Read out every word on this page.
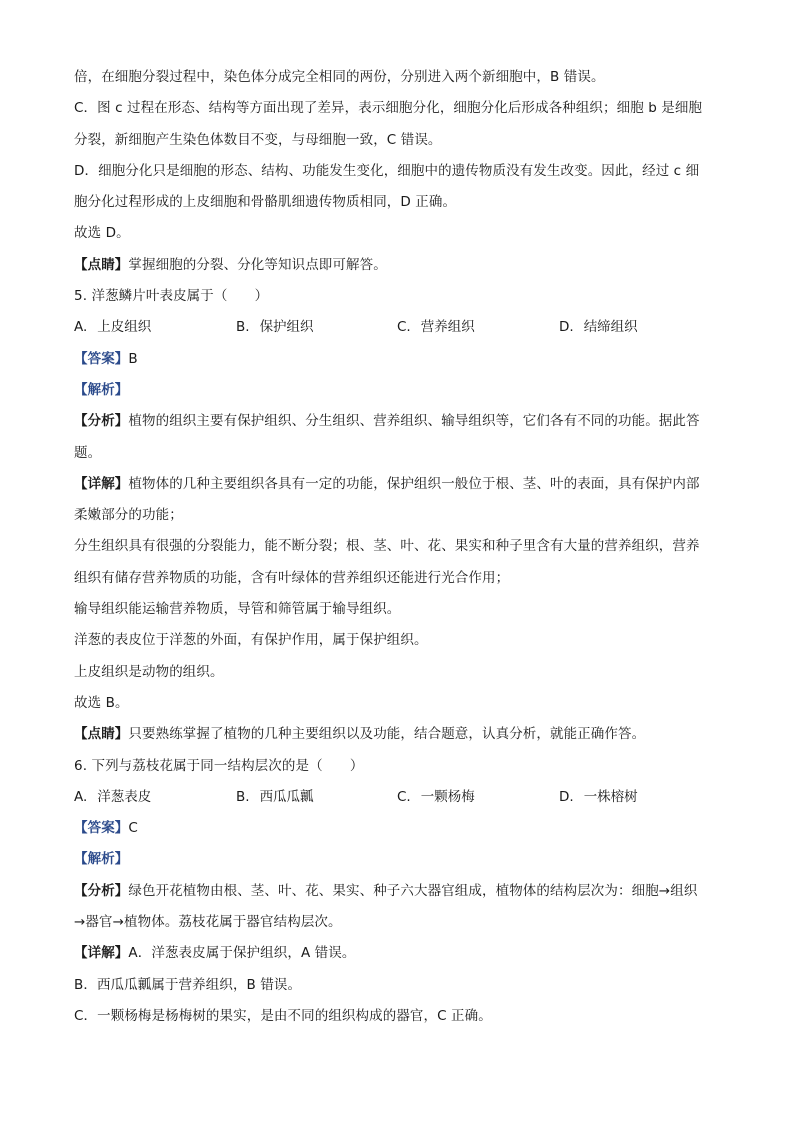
倍，在细胞分裂过程中，染色体分成完全相同的两份，分别进入两个新细胞中，B 错误。
C．图 c 过程在形态、结构等方面出现了差异，表示细胞分化，细胞分化后形成各种组织；细胞 b 是细胞
分裂，新细胞产生染色体数目不变，与母细胞一致，C 错误。
D．细胞分化只是细胞的形态、结构、功能发生变化，细胞中的遗传物质没有发生改变。因此，经过 c 细
胞分化过程形成的上皮细胞和骨骼肌细遗传物质相同，D 正确。
故选 D。
【点睛】掌握细胞的分裂、分化等知识点即可解答。
5. 洋葱鳞片叶表皮属于（　　）
A. 上皮组织	B. 保护组织	C. 营养组织	D. 结缔组织
【答案】B
【解析】
【分析】植物的组织主要有保护组织、分生组织、营养组织、输导组织等，它们各有不同的功能。据此答
题。
【详解】植物体的几种主要组织各具有一定的功能，保护组织一般位于根、茎、叶的表面，具有保护内部
柔嫩部分的功能；
分生组织具有很强的分裂能力，能不断分裂；根、茎、叶、花、果实和种子里含有大量的营养组织，营养
组织有储存营养物质的功能，含有叶绿体的营养组织还能进行光合作用；
输导组织能运输营养物质，导管和筛管属于输导组织。
洋葱的表皮位于洋葱的外面，有保护作用，属于保护组织。
上皮组织是动物的组织。
故选 B。
【点睛】只要熟练掌握了植物的几种主要组织以及功能，结合题意，认真分析，就能正确作答。
6. 下列与荔枝花属于同一结构层次的是（　　）
A. 洋葱表皮	B. 西瓜瓜瓤	C. 一颗杨梅	D. 一株榕树
【答案】C
【解析】
【分析】绿色开花植物由根、茎、叶、花、果实、种子六大器官组成，植物体的结构层次为：细胞→组织
→器官→植物体。荔枝花属于器官结构层次。
【详解】A．洋葱表皮属于保护组织，A 错误。
B．西瓜瓜瓤属于营养组织，B 错误。
C．一颗杨梅是杨梅树的果实，是由不同的组织构成的器官，C 正确。
